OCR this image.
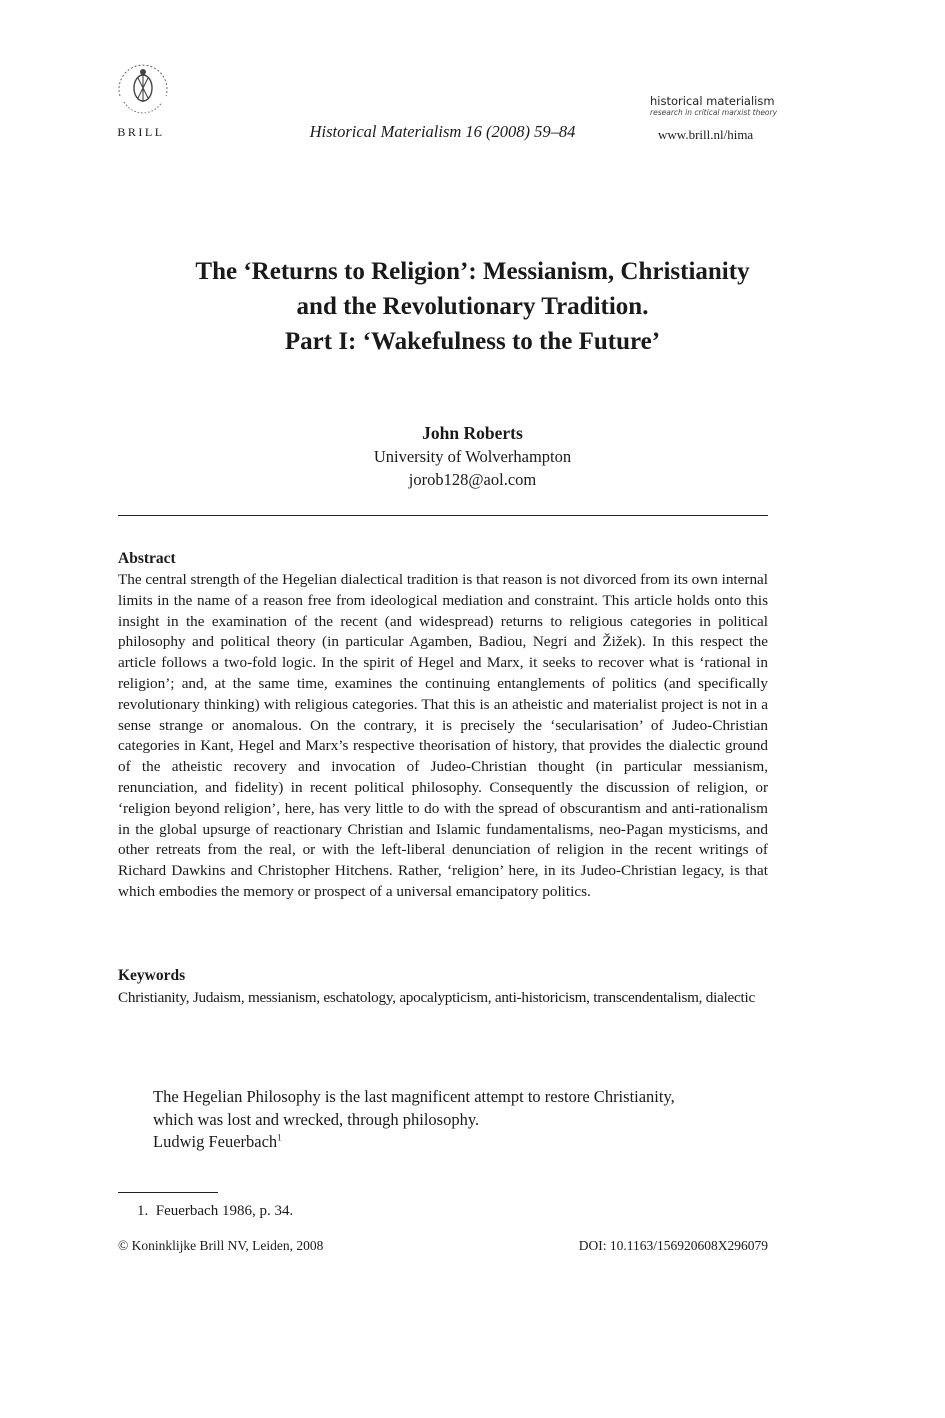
BRILL	Historical Materialism 16 (2008) 59–84
historical materialism
research in critical marxist theory
www.brill.nl/hima
The ‘Returns to Religion’: Messianism, Christianity
and the Revolutionary Tradition.
Part I: ‘Wakefulness to the Future’
John Roberts
University of Wolverhampton
jorob128@aol.com
Abstract
The central strength of the Hegelian dialectical tradition is that reason is not divorced from its own internal limits in the name of a reason free from ideological mediation and constraint. This article holds onto this insight in the examination of the recent (and widespread) returns to religious categories in political philosophy and political theory (in particular Agamben, Badiou, Negri and Žižek). In this respect the article follows a two-fold logic. In the spirit of Hegel and Marx, it seeks to recover what is ‘rational in religion’; and, at the same time, examines the continuing entanglements of politics (and specifically revolutionary thinking) with religious categories. That this is an atheistic and materialist project is not in a sense strange or anomalous. On the contrary, it is precisely the ‘secularisation’ of Judeo-Christian categories in Kant, Hegel and Marx’s respective theorisation of history, that provides the dialectic ground of the atheistic recovery and invocation of Judeo-Christian thought (in particular messianism, renunciation, and fidelity) in recent political philosophy. Consequently the discussion of religion, or ‘religion beyond religion’, here, has very little to do with the spread of obscurantism and anti-rationalism in the global upsurge of reactionary Christian and Islamic fundamentalisms, neo-Pagan mysticisms, and other retreats from the real, or with the left-liberal denunciation of religion in the recent writings of Richard Dawkins and Christopher Hitchens. Rather, ‘religion’ here, in its Judeo-Christian legacy, is that which embodies the memory or prospect of a universal emancipatory politics.
Keywords
Christianity, Judaism, messianism, eschatology, apocalypticism, anti-historicism, transcendentalism, dialectic
The Hegelian Philosophy is the last magnificent attempt to restore Christianity,
which was lost and wrecked, through philosophy.
Ludwig Feuerbach$^1$
1. Feuerbach 1986, p. 34.
© Koninklijke Brill NV, Leiden, 2008	DOI: 10.1163/156920608X296079
